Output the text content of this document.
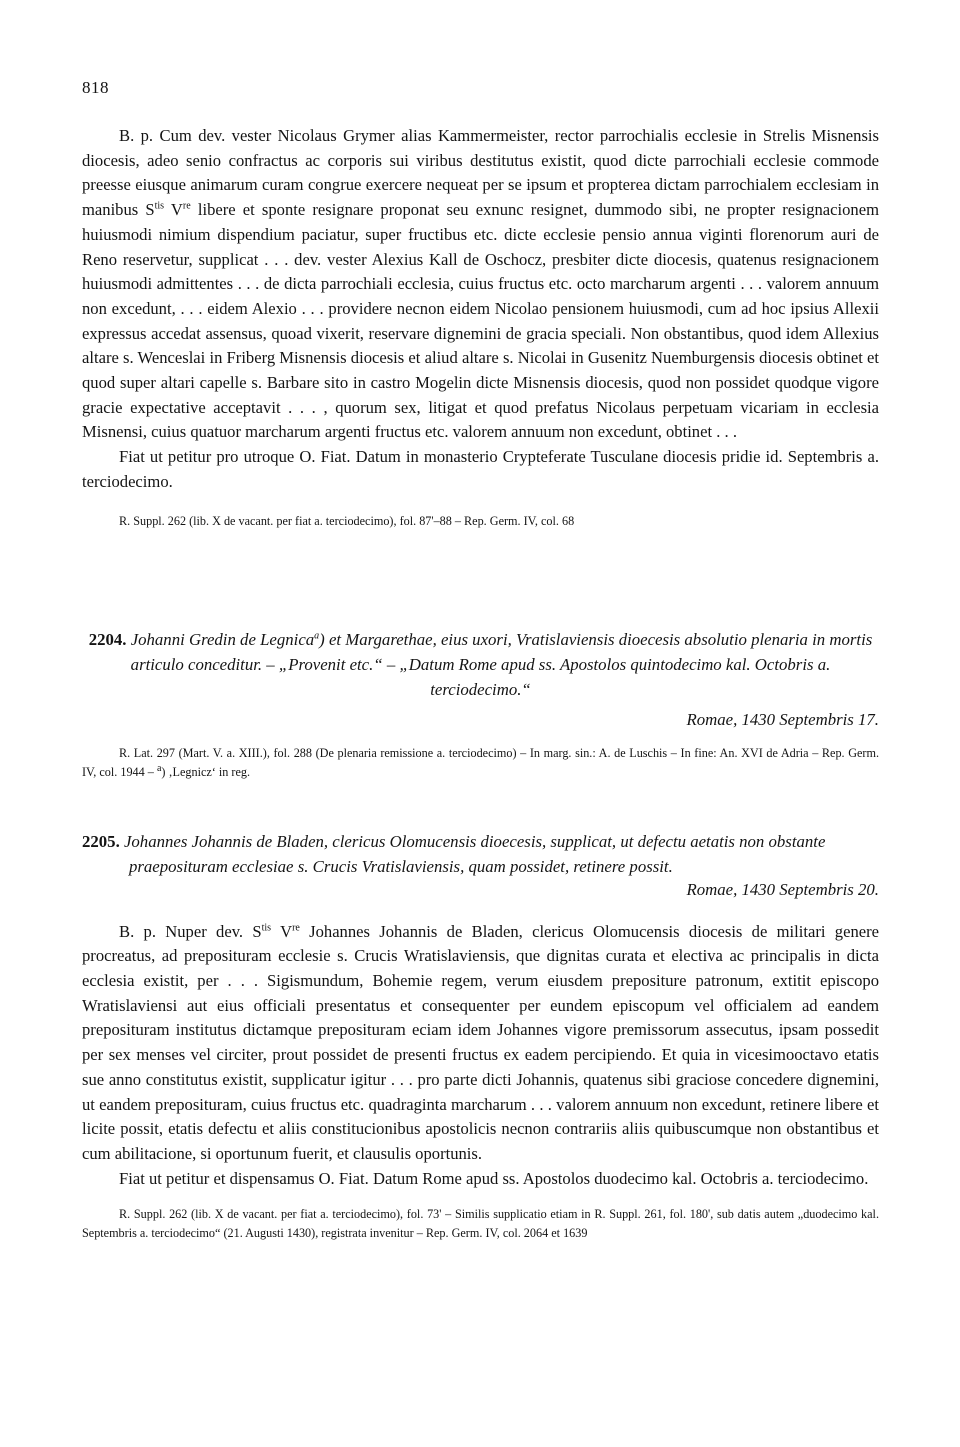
818

B. p. Cum dev. vester Nicolaus Grymer alias Kammermeister, rector parrochialis ecclesie in Strelis Misnensis diocesis, adeo senio confractus ac corporis sui viribus destitutus existit, quod dicte parrochiali ecclesie commode preesse eiusque animarum curam congrue exercere nequeat per se ipsum et propterea dictam parrochialem ecclesiam in manibus $S^{tis}$ Vre libere et sponte resignare proponat seu exnunc resignet, dummodo sibi, ne propter resignacionem huiusmodi nimium dispendium paciatur, super fructibus etc. dicte ecclesie pensio annua viginti florenorum auri de Reno reservetur, supplicat . . . dev. vester Alexius Kall de Oschocz, presbiter dicte diocesis, quatenus resignacionem huiusmodi admittentes . . . de dicta parrochiali ecclesia, cuius fructus etc. octo marcharum argenti . . . valorem annuum non excedunt, . . . eidem Alexio . . . providere necnon eidem Nicolao pensionem huiusmodi, cum ad hoc ipsius Allexii expressus accedat assensus, quoad vixerit, reservare dignemini de gracia speciali. Non obstantibus, quod idem Allexius altare s. Wenceslai in Friberg Misnensis diocesis et aliud altare s. Nicolai in Gusenitz Nuemburgensis diocesis obtinet et quod super altari capelle s. Barbare sito in castro Mogelin dicte Misnensis diocesis, quod non possidet quodque vigore gracie expectative acceptavit . . . , quorum sex, litigat et quod prefatus Nicolaus perpetuam vicariam in ecclesia Misnensi, cuius quatuor marcharum argenti fructus etc. valorem annuum non excedunt, obtinet . . .

Fiat ut petitur pro utroque O. Fiat. Datum in monasterio Crypteferate Tusculane diocesis pridie id. Septembris a. terciodecimo.

R. Suppl. 262 (lib. X de vacant. per fiat a. terciodecimo), fol. 87'–88 – Rep. Germ. IV, col. 68

2204. Johanni Gredin de Legnica$^a$) et Margarethae, eius uxori, Vratislaviensis dioecesis absolutio plenaria in mortis articulo conceditur. – „Provenit etc.“ – „Datum Rome apud ss. Apostolos quintodecimo kal. Octobris a. terciodecimo.“

Romae, 1430 Septembris 17.

R. Lat. 297 (Mart. V. a. XIII.), fol. 288 (De plenaria remissione a. terciodecimo) – In marg. sin.: A. de Luschis – In fine: An. XVI de Adria – Rep. Germ. IV, col. 1944 – $^a$) ‚Legnicz‘ in reg.

2205. Johannes Johannis de Bladen, clericus Olomucensis dioecesis, supplicat, ut defectu aetatis non obstante praeposituram ecclesiae s. Crucis Vratislaviensis, quam possidet, retinere possit.

Romae, 1430 Septembris 20.

B. p. Nuper dev. $S^{tis}$ Vre Johannes Johannis de Bladen, clericus Olomucensis diocesis de militari genere procreatus, ad preposituram ecclesie s. Crucis Wratislaviensis, que dignitas curata et electiva ac principalis in dicta ecclesia existit, per . . . Sigismundum, Bohemie regem, verum eiusdem prepositure patronum, extitit episcopo Wratislaviensi aut eius officiali presentatus et consequenter per eundem episcopum vel officialem ad eandem preposituram institutus dictamque preposituram eciam idem Johannes vigore premissorum assecutus, ipsam possedit per sex menses vel circiter, prout possidet de presenti fructus ex eadem percipiendo. Et quia in vicesimooctavo etatis sue anno constitutus existit, supplicatur igitur . . . pro parte dicti Johannis, quatenus sibi graciose concedere dignemini, ut eandem preposituram, cuius fructus etc. quadraginta marcharum . . . valorem annuum non excedunt, retinere libere et licite possit, etatis defectu et aliis constitucionibus apostolicis necnon contrariis aliis quibuscumque non obstantibus et cum abilitacione, si oportunum fuerit, et clausulis oportunis.

Fiat ut petitur et dispensamus O. Fiat. Datum Rome apud ss. Apostolos duodecimo kal. Octobris a. terciodecimo.

R. Suppl. 262 (lib. X de vacant. per fiat a. terciodecimo), fol. 73' – Similis supplicatio etiam in R. Suppl. 261, fol. 180', sub datis autem „duodecimo kal. Septembris a. terciodecimo“ (21. Augusti 1430), registrata invenitur – Rep. Germ. IV, col. 2064 et 1639
